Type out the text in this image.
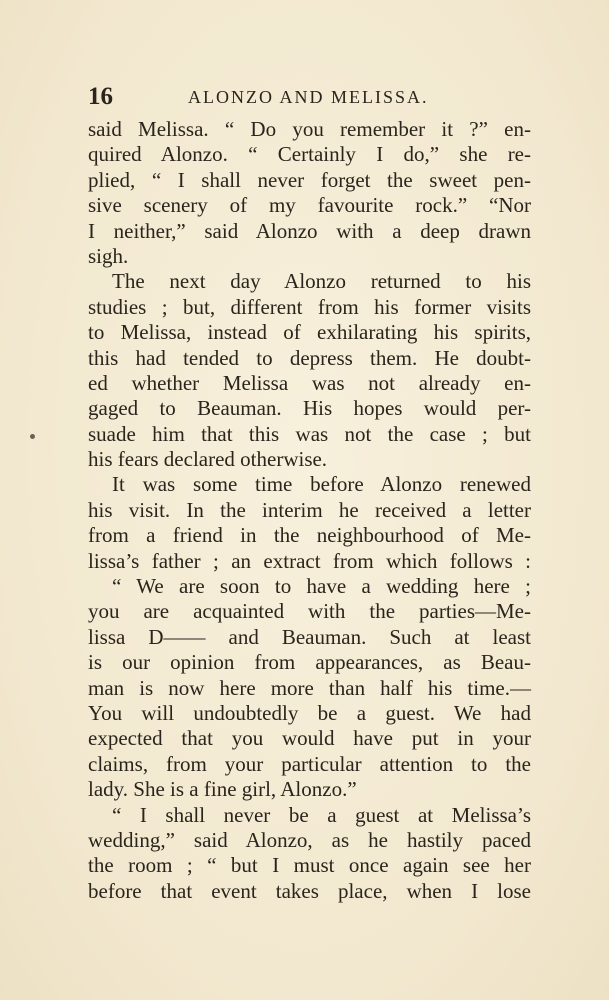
16	ALONZO AND MELISSA.
said Melissa. “ Do you remember it ?” en-
quired Alonzo. “ Certainly I do,” she re-
plied, “ I shall never forget the sweet pen-
sive scenery of my favourite rock.” “Nor
I neither,” said Alonzo with a deep drawn
sigh.
The next day Alonzo returned to his
studies ; but, different from his former visits
to Melissa, instead of exhilarating his spirits,
this had tended to depress them. He doubt-
ed whether Melissa was not already en-
gaged to Beauman. His hopes would per-
suade him that this was not the case ; but
his fears declared otherwise.
It was some time before Alonzo renewed
his visit. In the interim he received a letter
from a friend in the neighbourhood of Me-
lissa’s father ; an extract from which follows :
“ We are soon to have a wedding here ;
you are acquainted with the parties—Me-
lissa D—— and Beauman. Such at least
is our opinion from appearances, as Beau-
man is now here more than half his time.—
You will undoubtedly be a guest. We had
expected that you would have put in your
claims, from your particular attention to the
lady. She is a fine girl, Alonzo.”
“ I shall never be a guest at Melissa’s
wedding,” said Alonzo, as he hastily paced
the room ; “ but I must once again see her
before that event takes place, when I lose
